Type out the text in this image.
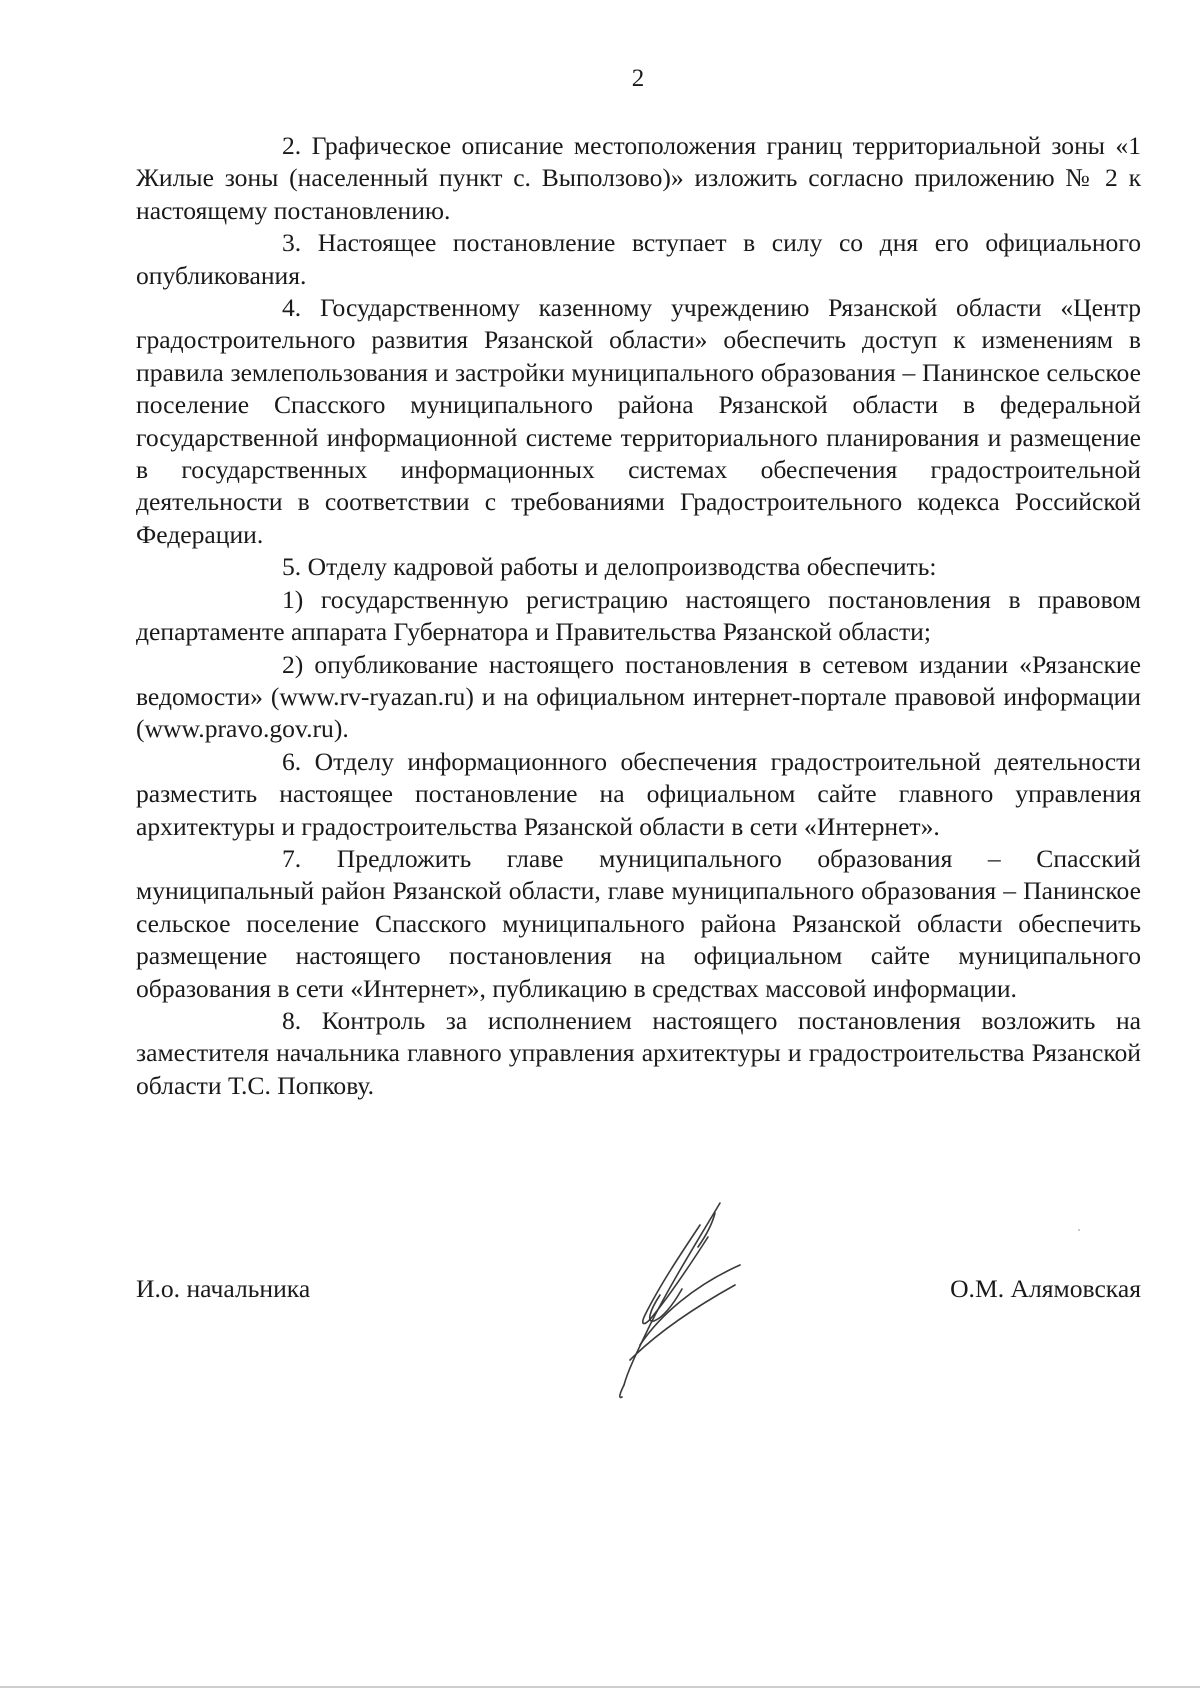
2

2. Графическое описание местоположения границ территориальной зоны «1 Жилые зоны (населенный пункт с. Выползово)» изложить согласно приложению № 2 к настоящему постановлению.

3. Настоящее постановление вступает в силу со дня его официального опубликования.

4. Государственному казенному учреждению Рязанской области «Центр градостроительного развития Рязанской области» обеспечить доступ к изменениям в правила землепользования и застройки муниципального образования – Панинское сельское поселение Спасского муниципального района Рязанской области в федеральной государственной информационной системе территориального планирования и размещение в государственных информационных системах обеспечения градостроительной деятельности в соответствии с требованиями Градостроительного кодекса Российской Федерации.

5. Отделу кадровой работы и делопроизводства обеспечить:

1) государственную регистрацию настоящего постановления в правовом департаменте аппарата Губернатора и Правительства Рязанской области;

2) опубликование настоящего постановления в сетевом издании «Рязанские ведомости» (www.rv-ryazan.ru) и на официальном интернет-портале правовой информации (www.pravo.gov.ru).

6. Отделу информационного обеспечения градостроительной деятельности разместить настоящее постановление на официальном сайте главного управления архитектуры и градостроительства Рязанской области в сети «Интернет».

7. Предложить главе муниципального образования – Спасский муниципальный район Рязанской области, главе муниципального образования – Панинское сельское поселение Спасского муниципального района Рязанской области обеспечить размещение настоящего постановления на официальном сайте муниципального образования в сети «Интернет», публикацию в средствах массовой информации.

8. Контроль за исполнением настоящего постановления возложить на заместителя начальника главного управления архитектуры и градостроительства Рязанской области Т.С. Попкову.

И.о. начальника	О.М. Алямовская
